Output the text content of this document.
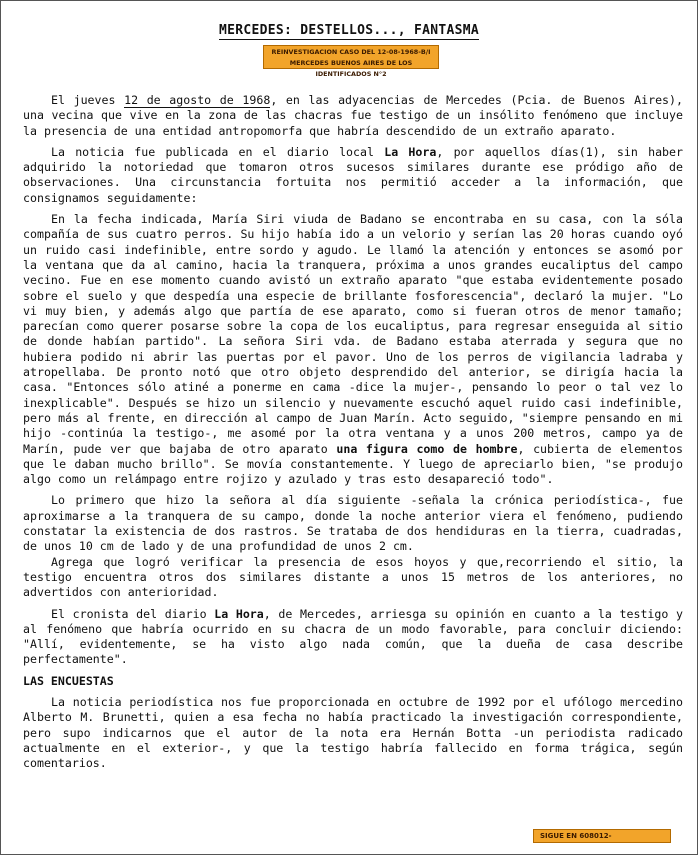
MERCEDES: DESTELLOS..., FANTASMA
REINVESTIGACION CASO DEL 12-08-1968-B/I
MERCEDES BUENOS AIRES DE LOS IDENTIFICADOS N°2

El jueves 12 de agosto de 1968, en las adyacencias de Mercedes (Pcia. de Buenos Aires), una vecina que vive en la zona de las chacras fue testigo de un insólito fenómeno que incluye la presencia de una entidad antropomorfa que habría descendido de un extraño aparato.

La noticia fue publicada en el diario local La Hora, por aquellos días(1), sin haber adquirido la notoriedad que tomaron otros sucesos similares durante ese pródigo año de observaciones. Una circunstancia fortuita nos permitió acceder a la información, que consignamos seguidamente:

En la fecha indicada, María Siri viuda de Badano se encontraba en su casa, con la sóla compañía de sus cuatro perros. Su hijo había ido a un velorio y serían las 20 horas cuando oyó un ruido casi indefinible, entre sordo y agudo. Le llamó la atención y entonces se asomó por la ventana que da al camino, hacia la tranquera, próxima a unos grandes eucaliptus del campo vecino. Fue en ese momento cuando avistó un extraño aparato "que estaba evidentemente posado sobre el suelo y que despedía una especie de brillante fosforescencia", declaró la mujer. "Lo vi muy bien, y además algo que partía de ese aparato, como si fueran otros de menor tamaño; parecían como querer posarse sobre la copa de los eucaliptus, para regresar enseguida al sitio de donde habían partido". La señora Siri vda. de Badano estaba aterrada y segura que no hubiera podido ni abrir las puertas por el pavor. Uno de los perros de vigilancia ladraba y atropellaba. De pronto notó que otro objeto desprendido del anterior, se dirigía hacia la casa. "Entonces sólo atiné a ponerme en cama -dice la mujer-, pensando lo peor o tal vez lo inexplicable". Después se hizo un silencio y nuevamente escuchó aquel ruido casi indefinible, pero más al frente, en dirección al campo de Juan Marín. Acto seguido, "siempre pensando en mi hijo -continúa la testigo-, me asomé por la otra ventana y a unos 200 metros, campo ya de Marín, pude ver que bajaba de otro aparato una figura como de hombre, cubierta de elementos que le daban mucho brillo". Se movía constantemente. Y luego de apreciarlo bien, "se produjo algo como un relámpago entre rojizo y azulado y tras esto desapareció todo".

Lo primero que hizo la señora al día siguiente -señala la crónica periodística-, fue aproximarse a la tranquera de su campo, donde la noche anterior viera el fenómeno, pudiendo constatar la existencia de dos rastros. Se trataba de dos hendiduras en la tierra, cuadradas, de unos 10 cm de lado y de una profundidad de unos 2 cm.

Agrega que logró verificar la presencia de esos hoyos y que,recorriendo el sitio, la testigo encuentra otros dos similares distante a unos 15 metros de los anteriores, no advertidos con anterioridad.

El cronista del diario La Hora, de Mercedes, arriesga su opinión en cuanto a la testigo y al fenómeno que habría ocurrido en su chacra de un modo favorable, para concluir diciendo: "Allí, evidentemente, se ha visto algo nada común, que la dueña de casa describe perfectamente".

LAS ENCUESTAS

La noticia periodística nos fue proporcionada en octubre de 1992 por el ufólogo mercedino Alberto M. Brunetti, quien a esa fecha no había practicado la investigación correspondiente, pero supo indicarnos que el autor de la nota era Hernán Botta -un periodista radicado actualmente en el exterior-, y que la testigo habría fallecido en forma trágica, según comentarios.

SIGUE EN 608012-
